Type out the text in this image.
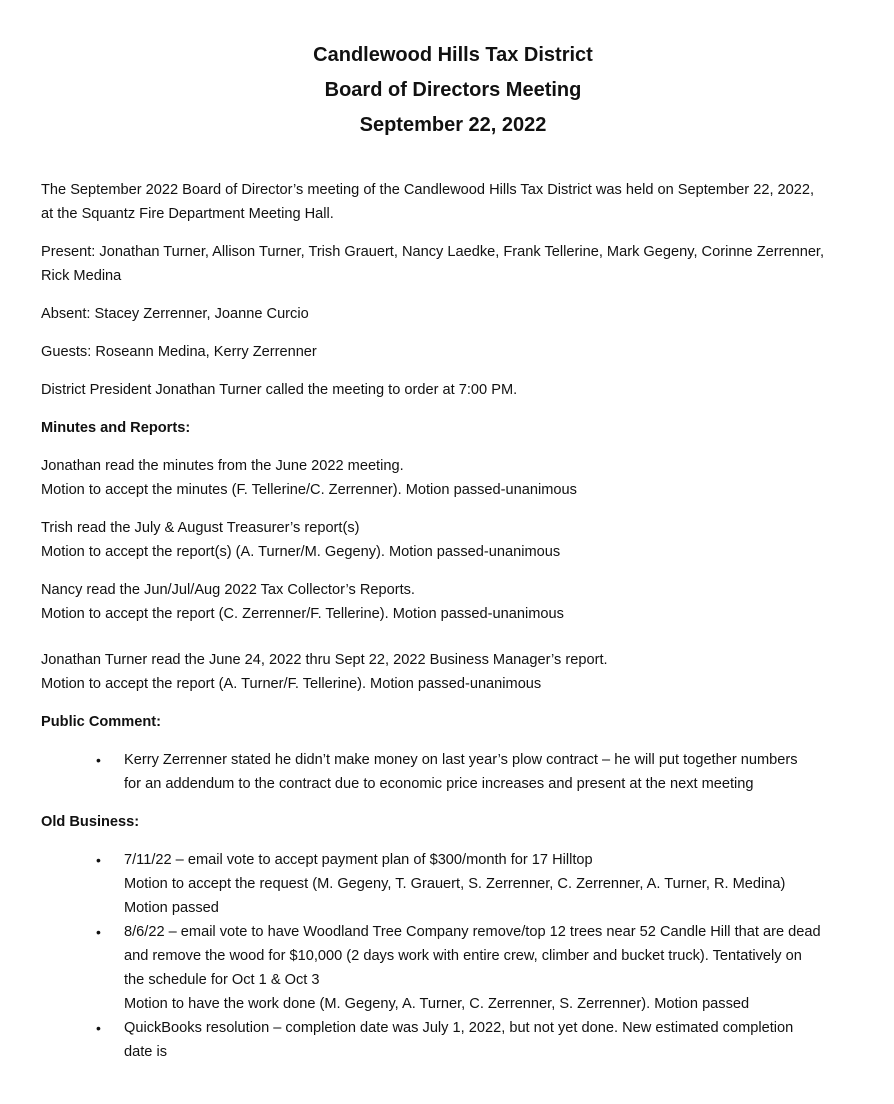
Candlewood Hills Tax District

Board of Directors Meeting

September 22, 2022

The September 2022 Board of Director’s meeting of the Candlewood Hills Tax District was held on September 22, 2022,
at the Squantz Fire Department Meeting Hall.
Present: Jonathan Turner, Allison Turner, Trish Grauert, Nancy Laedke, Frank Tellerine, Mark Gegeny, Corinne Zerrenner,
Rick Medina
Absent: Stacey Zerrenner, Joanne Curcio
Guests: Roseann Medina, Kerry Zerrenner
District President Jonathan Turner called the meeting to order at 7:00 PM.
Minutes and Reports:
Jonathan read the minutes from the June 2022 meeting.
Motion to accept the minutes (F. Tellerine/C. Zerrenner). Motion passed-unanimous
Trish read the July & August Treasurer’s report(s)
Motion to accept the report(s) (A. Turner/M. Gegeny). Motion passed-unanimous
Nancy read the Jun/Jul/Aug 2022 Tax Collector’s Reports.
Motion to accept the report (C. Zerrenner/F. Tellerine). Motion passed-unanimous
Jonathan Turner read the June 24, 2022 thru Sept 22, 2022 Business Manager’s report.
Motion to accept the report (A. Turner/F. Tellerine). Motion passed-unanimous
Public Comment:
• Kerry Zerrenner stated he didn’t make money on last year’s plow contract – he will put together numbers
for an addendum to the contract due to economic price increases and present at the next meeting
Old Business:
• 7/11/22 – email vote to accept payment plan of $300/month for 17 Hilltop
Motion to accept the request (M. Gegeny, T. Grauert, S. Zerrenner, C. Zerrenner, A. Turner, R. Medina)
Motion passed
• 8/6/22 – email vote to have Woodland Tree Company remove/top 12 trees near 52 Candle Hill that are dead
and remove the wood for $10,000 (2 days work with entire crew, climber and bucket truck). Tentatively on
the schedule for Oct 1 & Oct 3
Motion to have the work done (M. Gegeny, A. Turner, C. Zerrenner, S. Zerrenner). Motion passed
• QuickBooks resolution – completion date was July 1, 2022, but not yet done. New estimated completion
date is
